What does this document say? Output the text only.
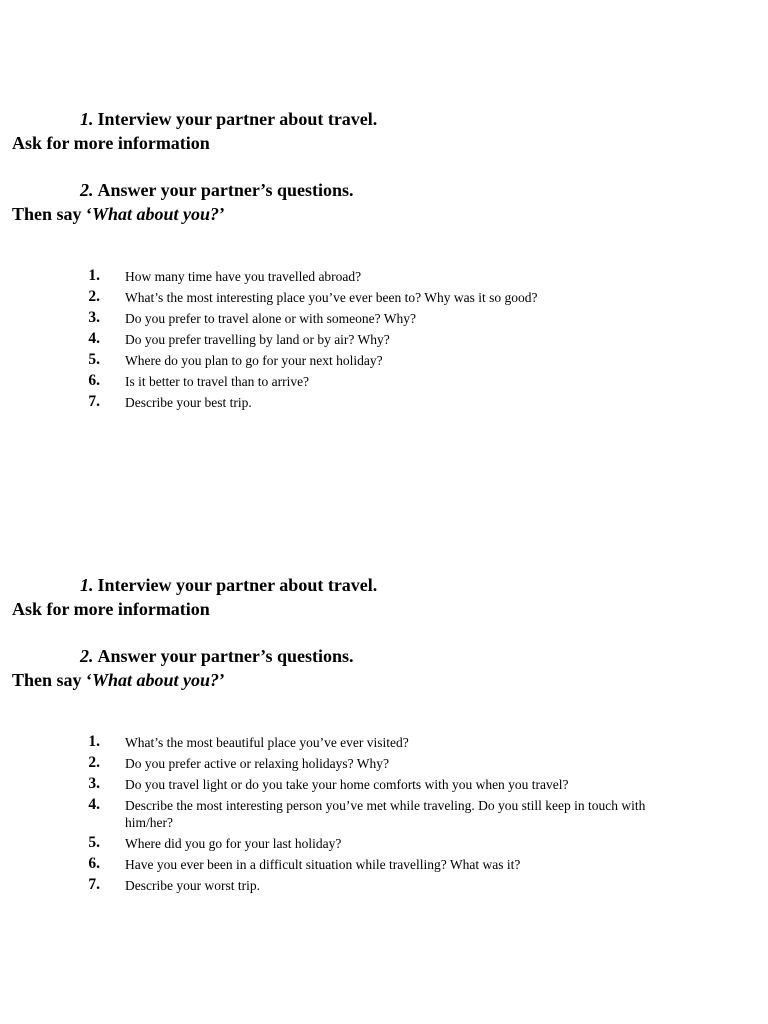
1. Interview your partner about travel.
Ask for more information
2. Answer your partner’s questions.
Then say ‘What about you?’
1. How many time have you travelled abroad?
2. What’s the most interesting place you’ve ever been to? Why was it so good?
3. Do you prefer to travel alone or with someone? Why?
4. Do you prefer travelling by land or by air? Why?
5. Where do you plan to go for your next holiday?
6. Is it better to travel than to arrive?
7. Describe your best trip.
1. Interview your partner about travel.
Ask for more information
2. Answer your partner’s questions.
Then say ‘What about you?’
1. What’s the most beautiful place you’ve ever visited?
2. Do you prefer active or relaxing holidays? Why?
3. Do you travel light or do you take your home comforts with you when you travel?
4. Describe the most interesting person you’ve met while traveling. Do you still keep in touch with him/her?
5. Where did you go for your last holiday?
6. Have you ever been in a difficult situation while travelling? What was it?
7. Describe your worst trip.
